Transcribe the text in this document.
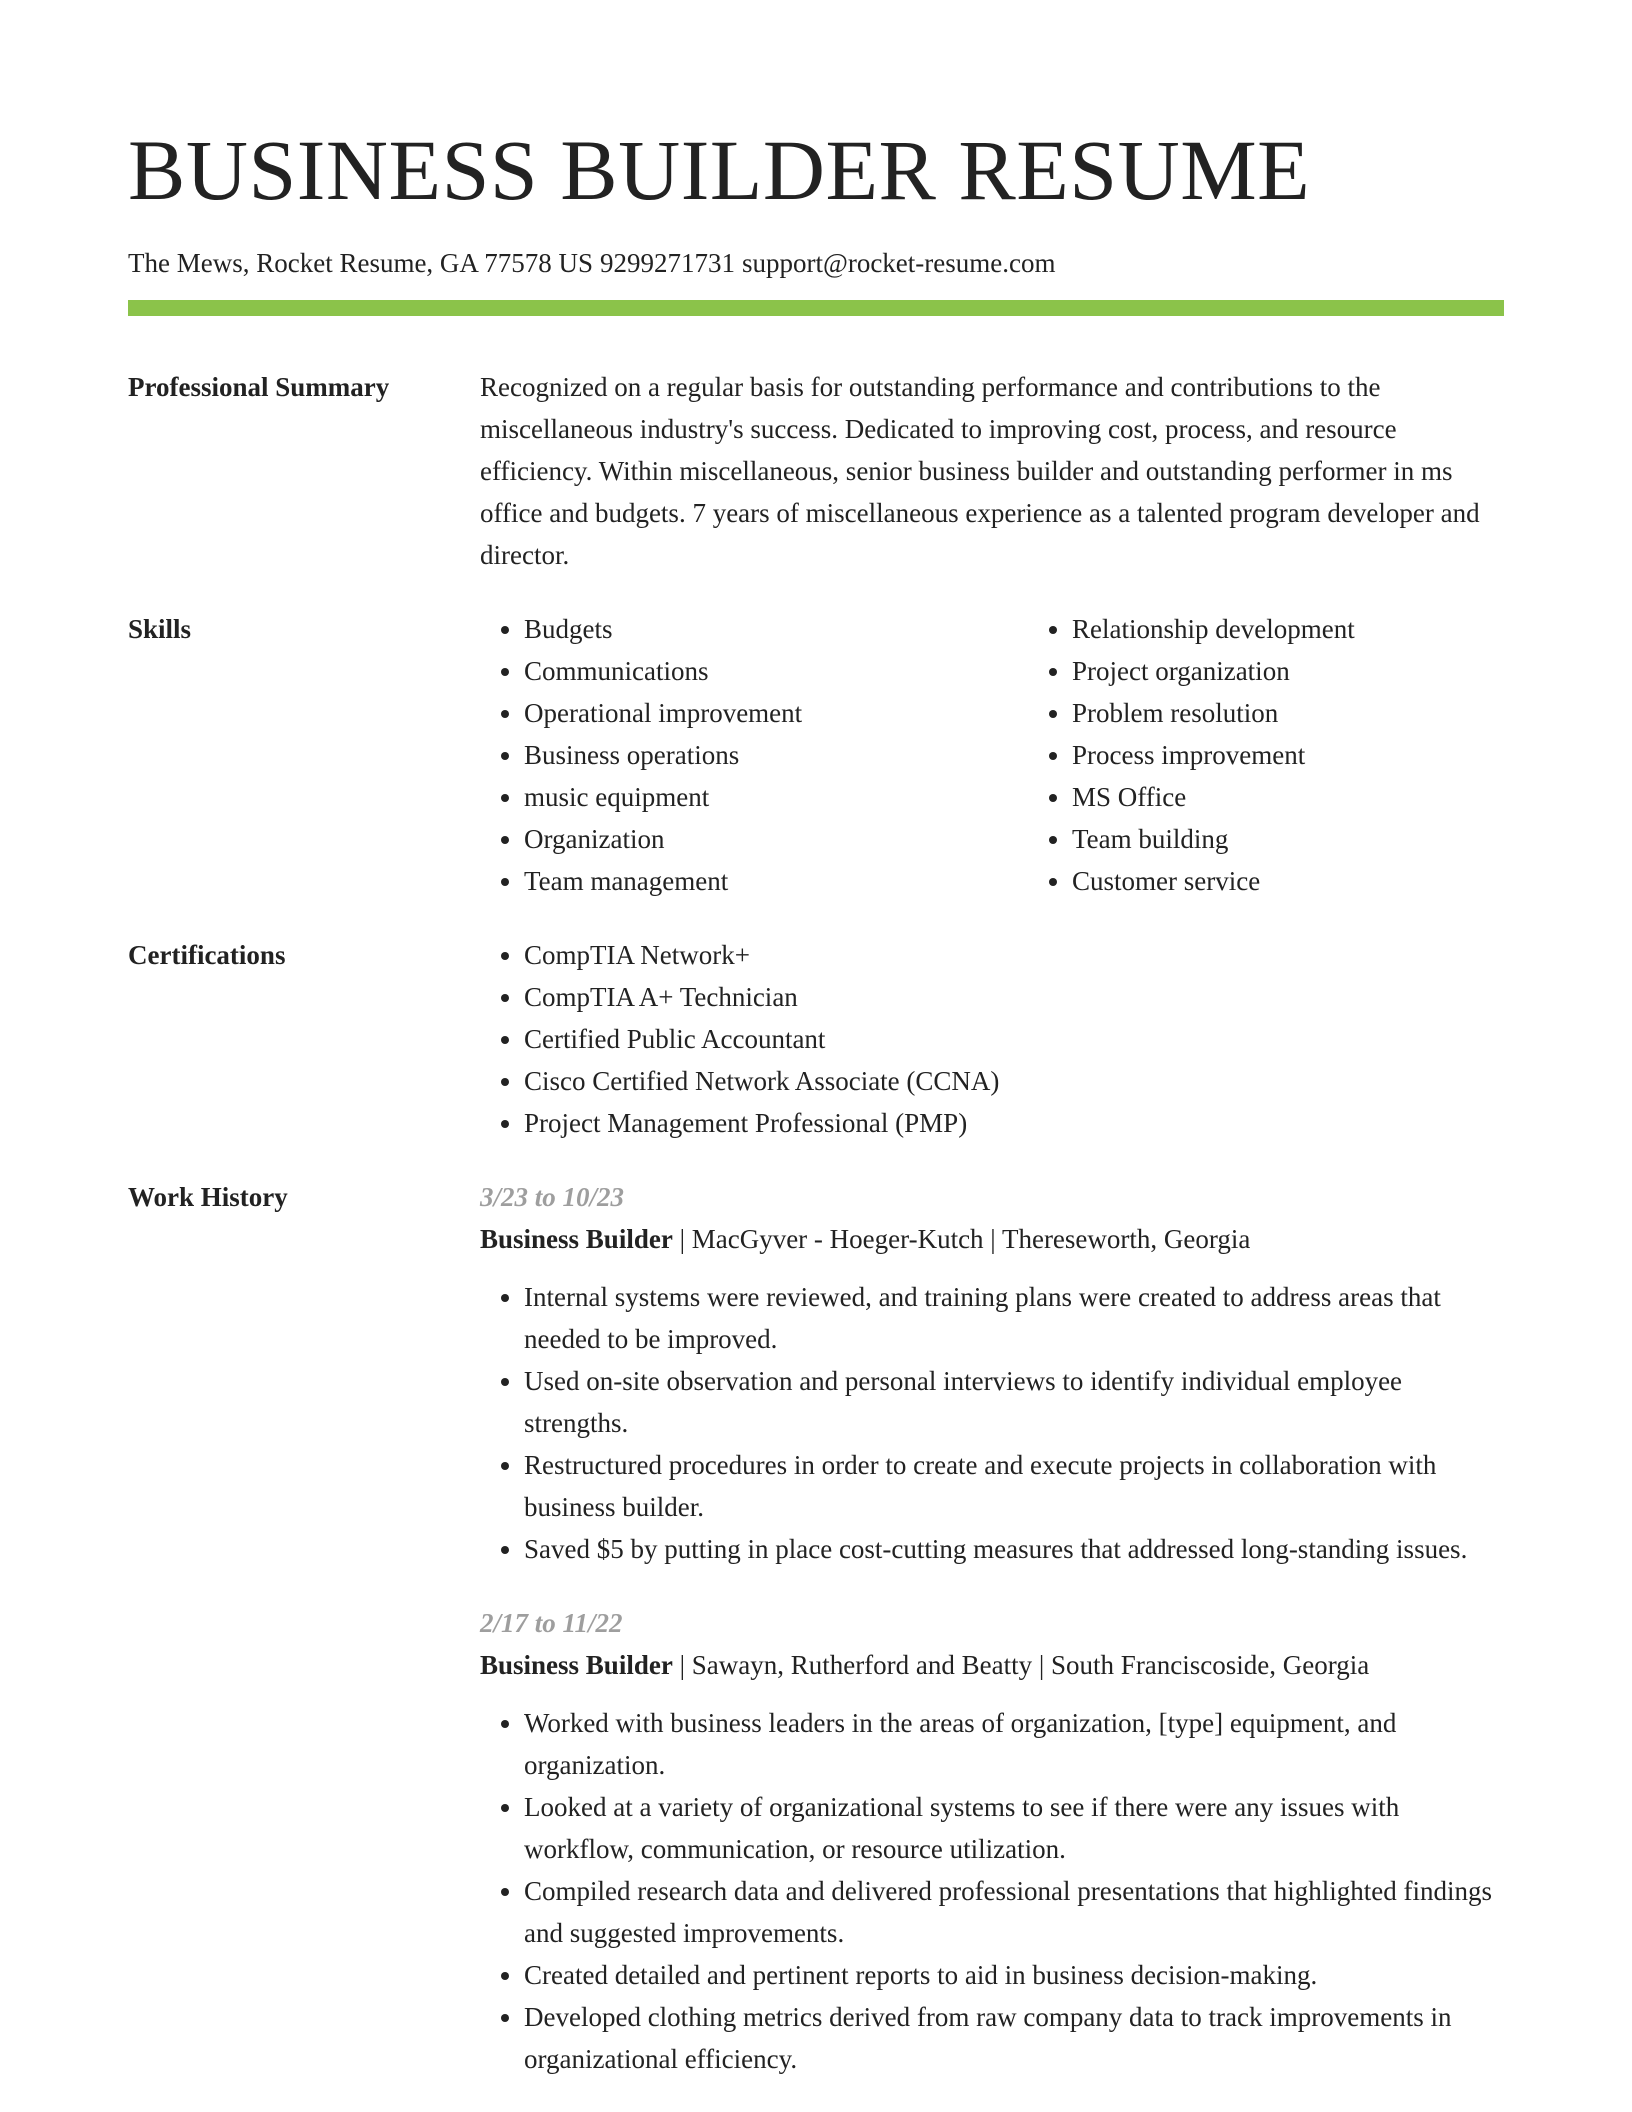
BUSINESS BUILDER RESUME
The Mews, Rocket Resume, GA 77578 US 9299271731 support@rocket-resume.com
Professional Summary	Recognized on a regular basis for outstanding performance and contributions to the miscellaneous industry's success. Dedicated to improving cost, process, and resource efficiency. Within miscellaneous, senior business builder and outstanding performer in ms office and budgets. 7 years of miscellaneous experience as a talented program developer and director.
Skills	• Budgets
• Communications
• Operational improvement
• Business operations
• music equipment
• Organization
• Team management
• Relationship development
• Project organization
• Problem resolution
• Process improvement
• MS Office
• Team building
• Customer service
Certifications	• CompTIA Network+
• CompTIA A+ Technician
• Certified Public Accountant
• Cisco Certified Network Associate (CCNA)
• Project Management Professional (PMP)
Work History	3/23 to 10/23
Business Builder | MacGyver - Hoeger-Kutch | Thereseworth, Georgia
• Internal systems were reviewed, and training plans were created to address areas that needed to be improved.
• Used on-site observation and personal interviews to identify individual employee strengths.
• Restructured procedures in order to create and execute projects in collaboration with business builder.
• Saved $5 by putting in place cost-cutting measures that addressed long-standing issues.
2/17 to 11/22
Business Builder | Sawayn, Rutherford and Beatty | South Franciscoside, Georgia
• Worked with business leaders in the areas of organization, [type] equipment, and organization.
• Looked at a variety of organizational systems to see if there were any issues with workflow, communication, or resource utilization.
• Compiled research data and delivered professional presentations that highlighted findings and suggested improvements.
• Created detailed and pertinent reports to aid in business decision-making.
• Developed clothing metrics derived from raw company data to track improvements in organizational efficiency.
